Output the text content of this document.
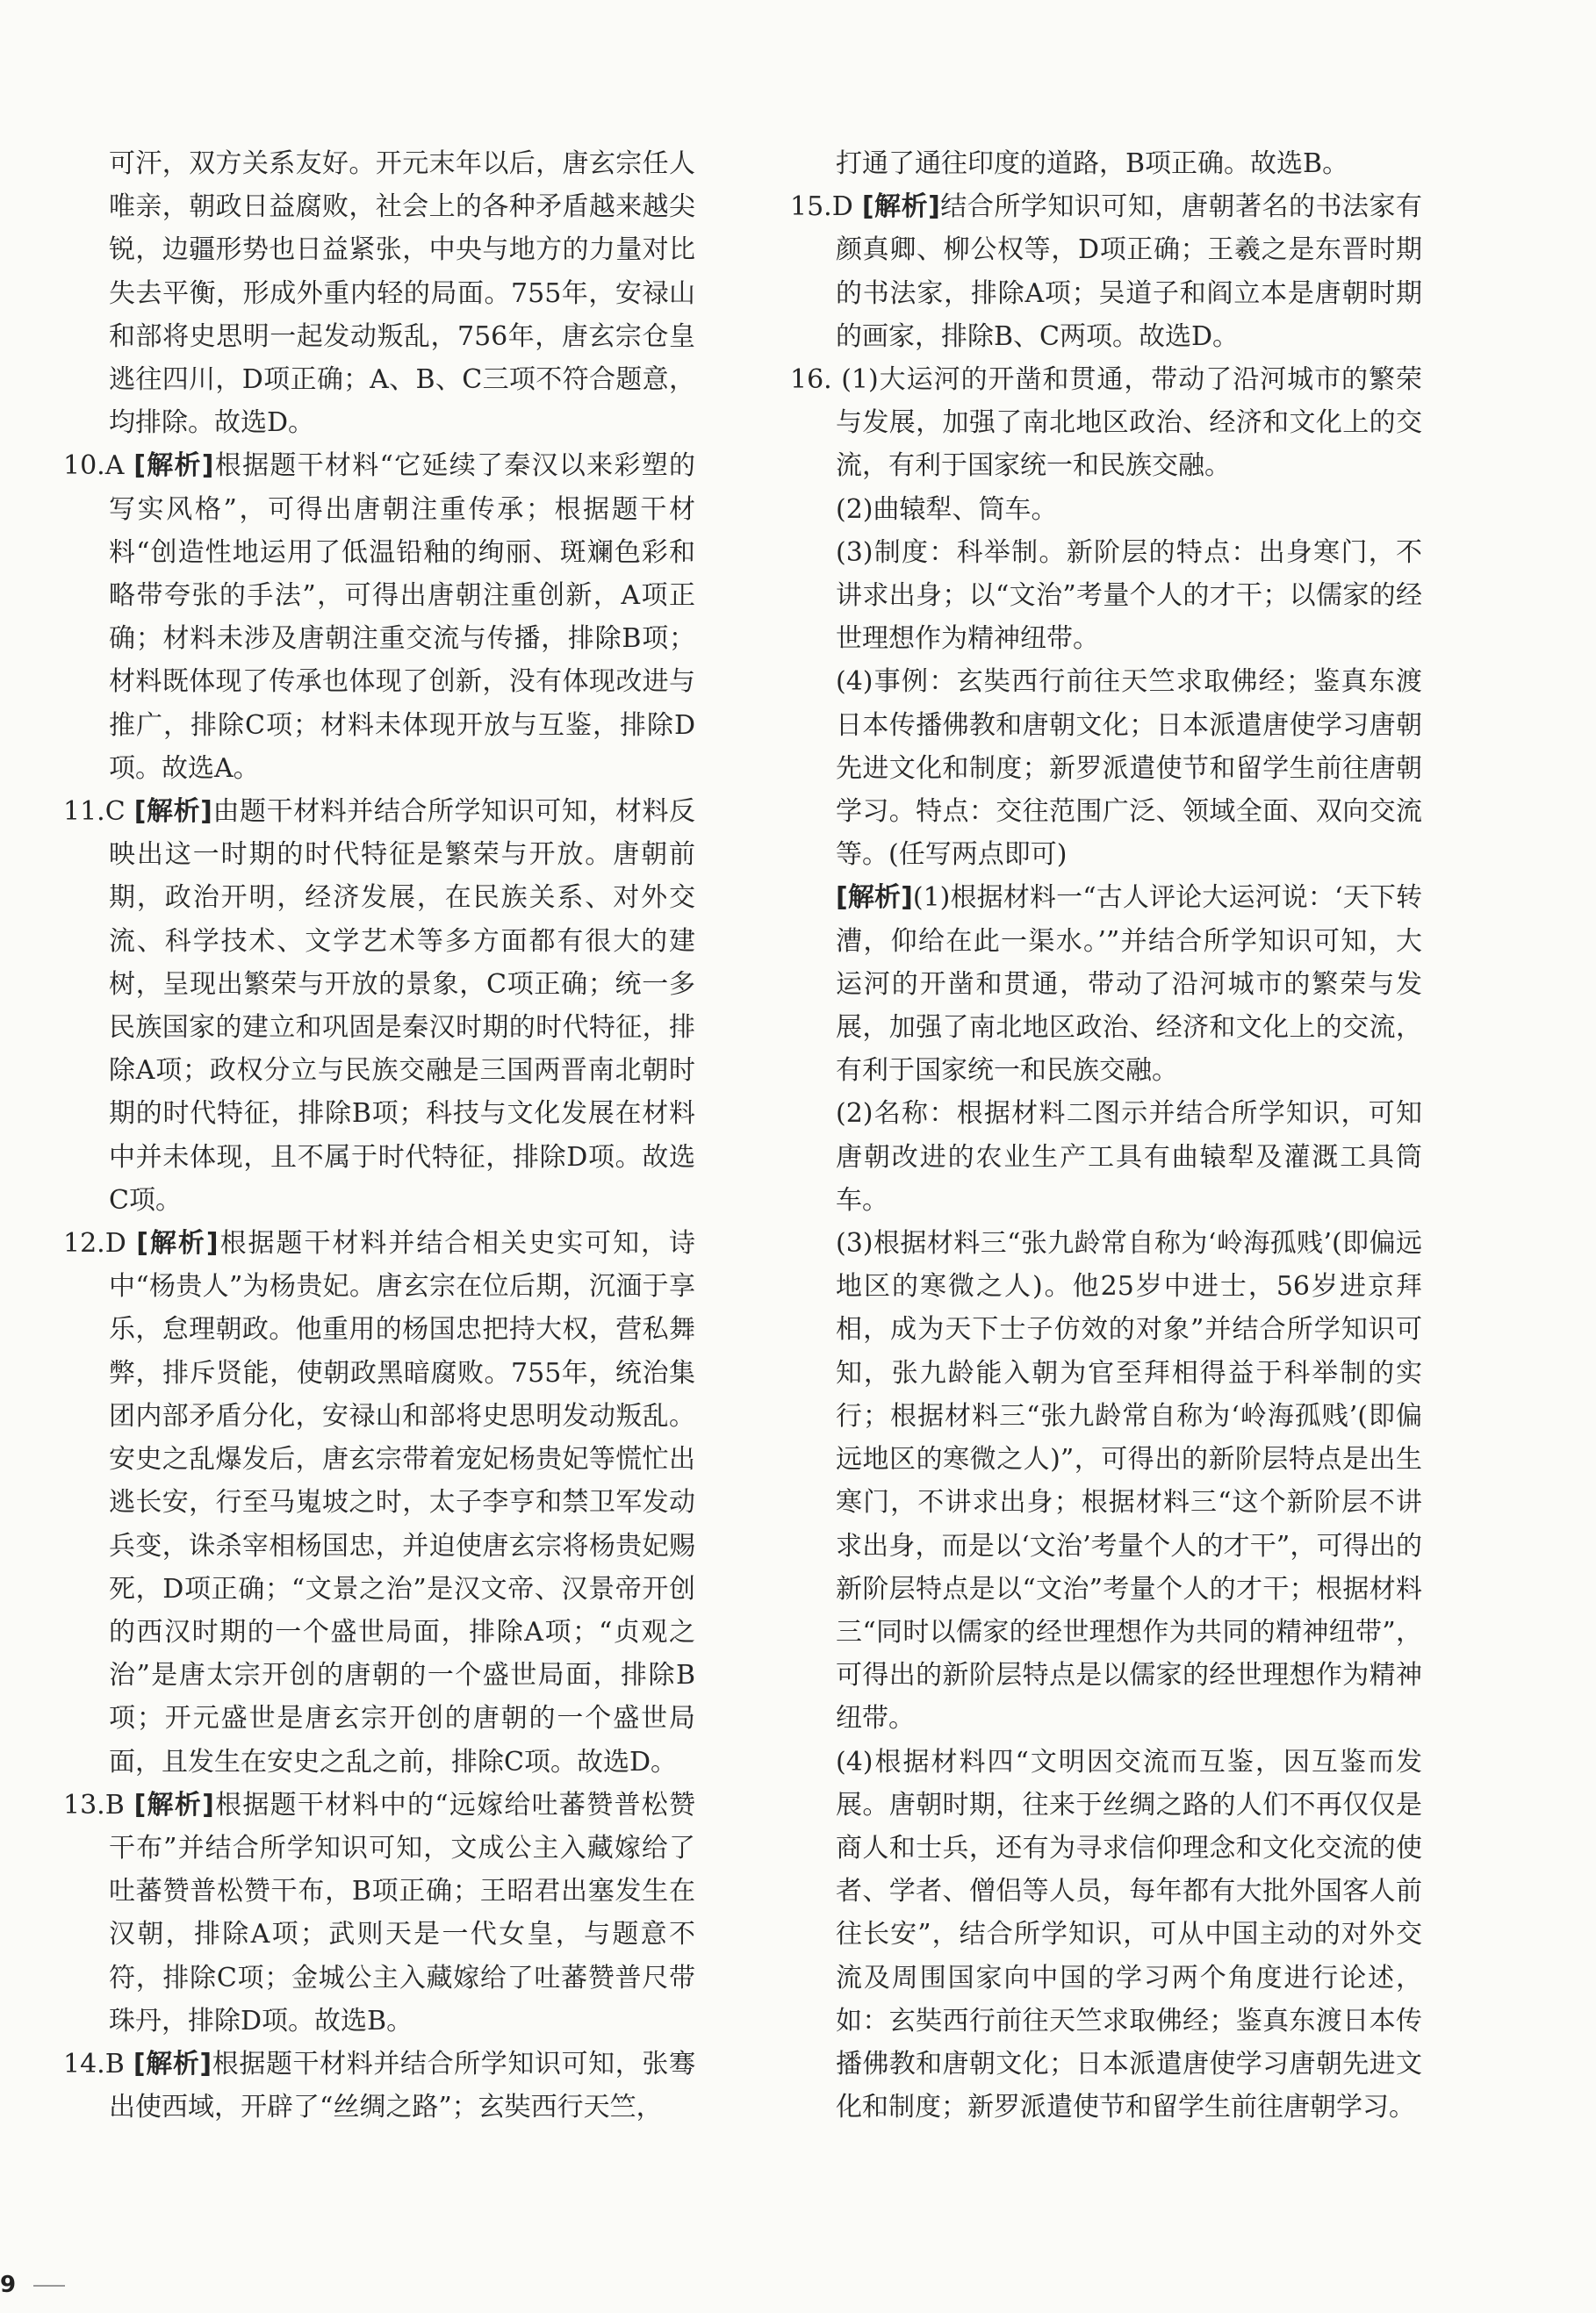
可汗，双方关系友好。开元末年以后，唐玄宗任人唯亲，朝政日益腐败，社会上的各种矛盾越来越尖锐，边疆形势也日益紧张，中央与地方的力量对比失去平衡，形成外重内轻的局面。755年，安禄山和部将史思明一起发动叛乱，756年，唐玄宗仓皇逃往四川，D项正确；A、B、C三项不符合题意，均排除。故选D。

10.A [解析]根据题干材料“它延续了秦汉以来彩塑的写实风格”，可得出唐朝注重传承；根据题干材料“创造性地运用了低温铅釉的绚丽、斑斓色彩和略带夸张的手法”，可得出唐朝注重创新，A项正确；材料未涉及唐朝注重交流与传播，排除B项；材料既体现了传承也体现了创新，没有体现改进与推广，排除C项；材料未体现开放与互鉴，排除D项。故选A。

11.C [解析]由题干材料并结合所学知识可知，材料反映出这一时期的时代特征是繁荣与开放。唐朝前期，政治开明，经济发展，在民族关系、对外交流、科学技术、文学艺术等多方面都有很大的建树，呈现出繁荣与开放的景象，C项正确；统一多民族国家的建立和巩固是秦汉时期的时代特征，排除A项；政权分立与民族交融是三国两晋南北朝时期的时代特征，排除B项；科技与文化发展在材料中并未体现，且不属于时代特征，排除D项。故选C项。

12.D [解析]根据题干材料并结合相关史实可知，诗中“杨贵人”为杨贵妃。唐玄宗在位后期，沉湎于享乐，怠理朝政。他重用的杨国忠把持大权，营私舞弊，排斥贤能，使朝政黑暗腐败。755年，统治集团内部矛盾分化，安禄山和部将史思明发动叛乱。安史之乱爆发后，唐玄宗带着宠妃杨贵妃等慌忙出逃长安，行至马嵬坡之时，太子李亨和禁卫军发动兵变，诛杀宰相杨国忠，并迫使唐玄宗将杨贵妃赐死，D项正确；“文景之治”是汉文帝、汉景帝开创的西汉时期的一个盛世局面，排除A项；“贞观之治”是唐太宗开创的唐朝的一个盛世局面，排除B项；开元盛世是唐玄宗开创的唐朝的一个盛世局面，且发生在安史之乱之前，排除C项。故选D。

13.B [解析]根据题干材料中的“远嫁给吐蕃赞普松赞干布”并结合所学知识可知，文成公主入藏嫁给了吐蕃赞普松赞干布，B项正确；王昭君出塞发生在汉朝，排除A项；武则天是一代女皇，与题意不符，排除C项；金城公主入藏嫁给了吐蕃赞普尺带珠丹，排除D项。故选B。

14.B [解析]根据题干材料并结合所学知识可知，张骞出使西域，开辟了“丝绸之路”；玄奘西行天竺，

打通了通往印度的道路，B项正确。故选B。

15.D [解析]结合所学知识可知，唐朝著名的书法家有颜真卿、柳公权等，D项正确；王羲之是东晋时期的书法家，排除A项；吴道子和阎立本是唐朝时期的画家，排除B、C两项。故选D。

16. (1)大运河的开凿和贯通，带动了沿河城市的繁荣与发展，加强了南北地区政治、经济和文化上的交流，有利于国家统一和民族交融。

(2)曲辕犁、筒车。

(3)制度：科举制。新阶层的特点：出身寒门，不讲求出身；以“文治”考量个人的才干；以儒家的经世理想作为精神纽带。

(4)事例：玄奘西行前往天竺求取佛经；鉴真东渡日本传播佛教和唐朝文化；日本派遣唐使学习唐朝先进文化和制度；新罗派遣使节和留学生前往唐朝学习。特点：交往范围广泛、领域全面、双向交流等。(任写两点即可)

[解析](1)根据材料一“古人评论大运河说：‘天下转漕，仰给在此一渠水。’”并结合所学知识可知，大运河的开凿和贯通，带动了沿河城市的繁荣与发展，加强了南北地区政治、经济和文化上的交流，有利于国家统一和民族交融。

(2)名称：根据材料二图示并结合所学知识，可知唐朝改进的农业生产工具有曲辕犁及灌溉工具筒车。

(3)根据材料三“张九龄常自称为‘岭海孤贱’(即偏远地区的寒微之人)。他25岁中进士，56岁进京拜相，成为天下士子仿效的对象”并结合所学知识可知，张九龄能入朝为官至拜相得益于科举制的实行；根据材料三“张九龄常自称为‘岭海孤贱’(即偏远地区的寒微之人)”，可得出的新阶层特点是出生寒门，不讲求出身；根据材料三“这个新阶层不讲求出身，而是以‘文治’考量个人的才干”，可得出的新阶层特点是以“文治”考量个人的才干；根据材料三“同时以儒家的经世理想作为共同的精神纽带”，可得出的新阶层特点是以儒家的经世理想作为精神纽带。

(4)根据材料四“文明因交流而互鉴，因互鉴而发展。唐朝时期，往来于丝绸之路的人们不再仅仅是商人和士兵，还有为寻求信仰理念和文化交流的使者、学者、僧侣等人员，每年都有大批外国客人前往长安”，结合所学知识，可从中国主动的对外交流及周围国家向中国的学习两个角度进行论述，如：玄奘西行前往天竺求取佛经；鉴真东渡日本传播佛教和唐朝文化；日本派遣唐使学习唐朝先进文化和制度；新罗派遣使节和留学生前往唐朝学习。

9
